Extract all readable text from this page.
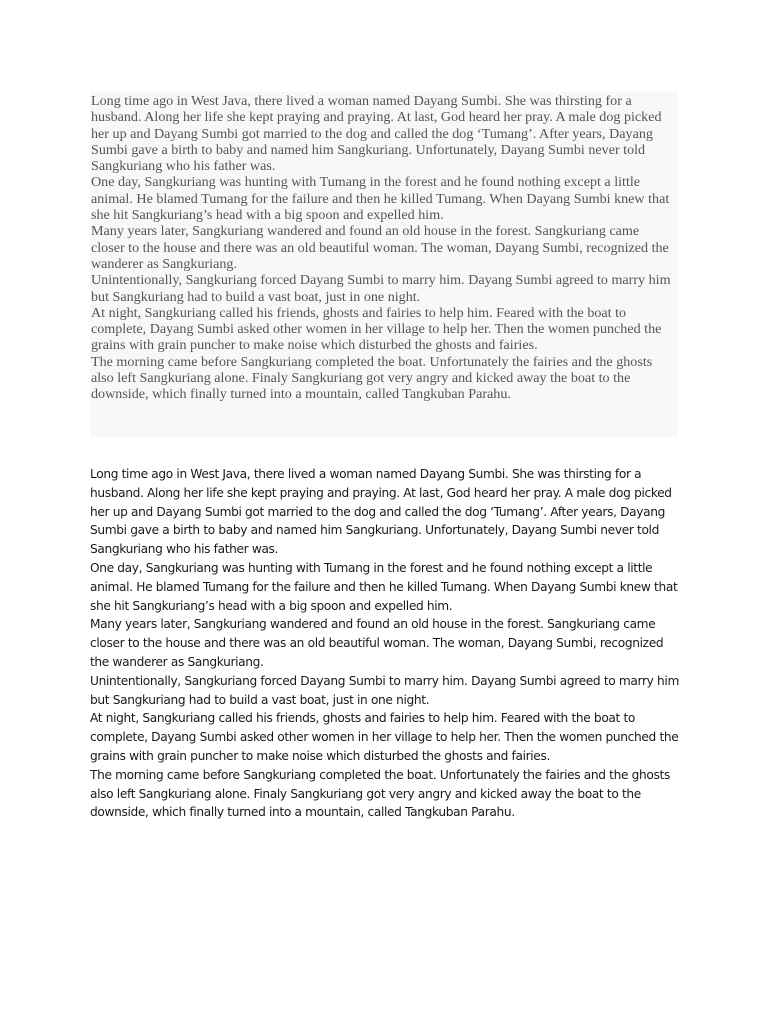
Long time ago in West Java, there lived a woman named Dayang Sumbi. She was thirsting for a husband. Along her life she kept praying and praying. At last, God heard her pray. A male dog picked her up and Dayang Sumbi got married to the dog and called the dog ‘Tumang’. After years, Dayang Sumbi gave a birth to baby and named him Sangkuriang. Unfortunately, Dayang Sumbi never told Sangkuriang who his father was.

One day, Sangkuriang was hunting with Tumang in the forest and he found nothing except a little animal. He blamed Tumang for the failure and then he killed Tumang. When Dayang Sumbi knew that she hit Sangkuriang’s head with a big spoon and expelled him.

Many years later, Sangkuriang wandered and found an old house in the forest. Sangkuriang came closer to the house and there was an old beautiful woman. The woman, Dayang Sumbi, recognized the wanderer as Sangkuriang.

Unintentionally, Sangkuriang forced Dayang Sumbi to marry him. Dayang Sumbi agreed to marry him but Sangkuriang had to build a vast boat, just in one night.

At night, Sangkuriang called his friends, ghosts and fairies to help him. Feared with the boat to complete, Dayang Sumbi asked other women in her village to help her. Then the women punched the grains with grain puncher to make noise which disturbed the ghosts and fairies.

The morning came before Sangkuriang completed the boat. Unfortunately the fairies and the ghosts also left Sangkuriang alone. Finaly Sangkuriang got very angry and kicked away the boat to the downside, which finally turned into a mountain, called Tangkuban Parahu.

Long time ago in West Java, there lived a woman named Dayang Sumbi. She was thirsting for a husband. Along her life she kept praying and praying. At last, God heard her pray. A male dog picked her up and Dayang Sumbi got married to the dog and called the dog ‘Tumang’. After years, Dayang Sumbi gave a birth to baby and named him Sangkuriang. Unfortunately, Dayang Sumbi never told Sangkuriang who his father was.

One day, Sangkuriang was hunting with Tumang in the forest and he found nothing except a little animal. He blamed Tumang for the failure and then he killed Tumang. When Dayang Sumbi knew that she hit Sangkuriang’s head with a big spoon and expelled him.

Many years later, Sangkuriang wandered and found an old house in the forest. Sangkuriang came closer to the house and there was an old beautiful woman. The woman, Dayang Sumbi, recognized the wanderer as Sangkuriang.

Unintentionally, Sangkuriang forced Dayang Sumbi to marry him. Dayang Sumbi agreed to marry him but Sangkuriang had to build a vast boat, just in one night.

At night, Sangkuriang called his friends, ghosts and fairies to help him. Feared with the boat to complete, Dayang Sumbi asked other women in her village to help her. Then the women punched the grains with grain puncher to make noise which disturbed the ghosts and fairies.

The morning came before Sangkuriang completed the boat. Unfortunately the fairies and the ghosts also left Sangkuriang alone. Finaly Sangkuriang got very angry and kicked away the boat to the downside, which finally turned into a mountain, called Tangkuban Parahu.
